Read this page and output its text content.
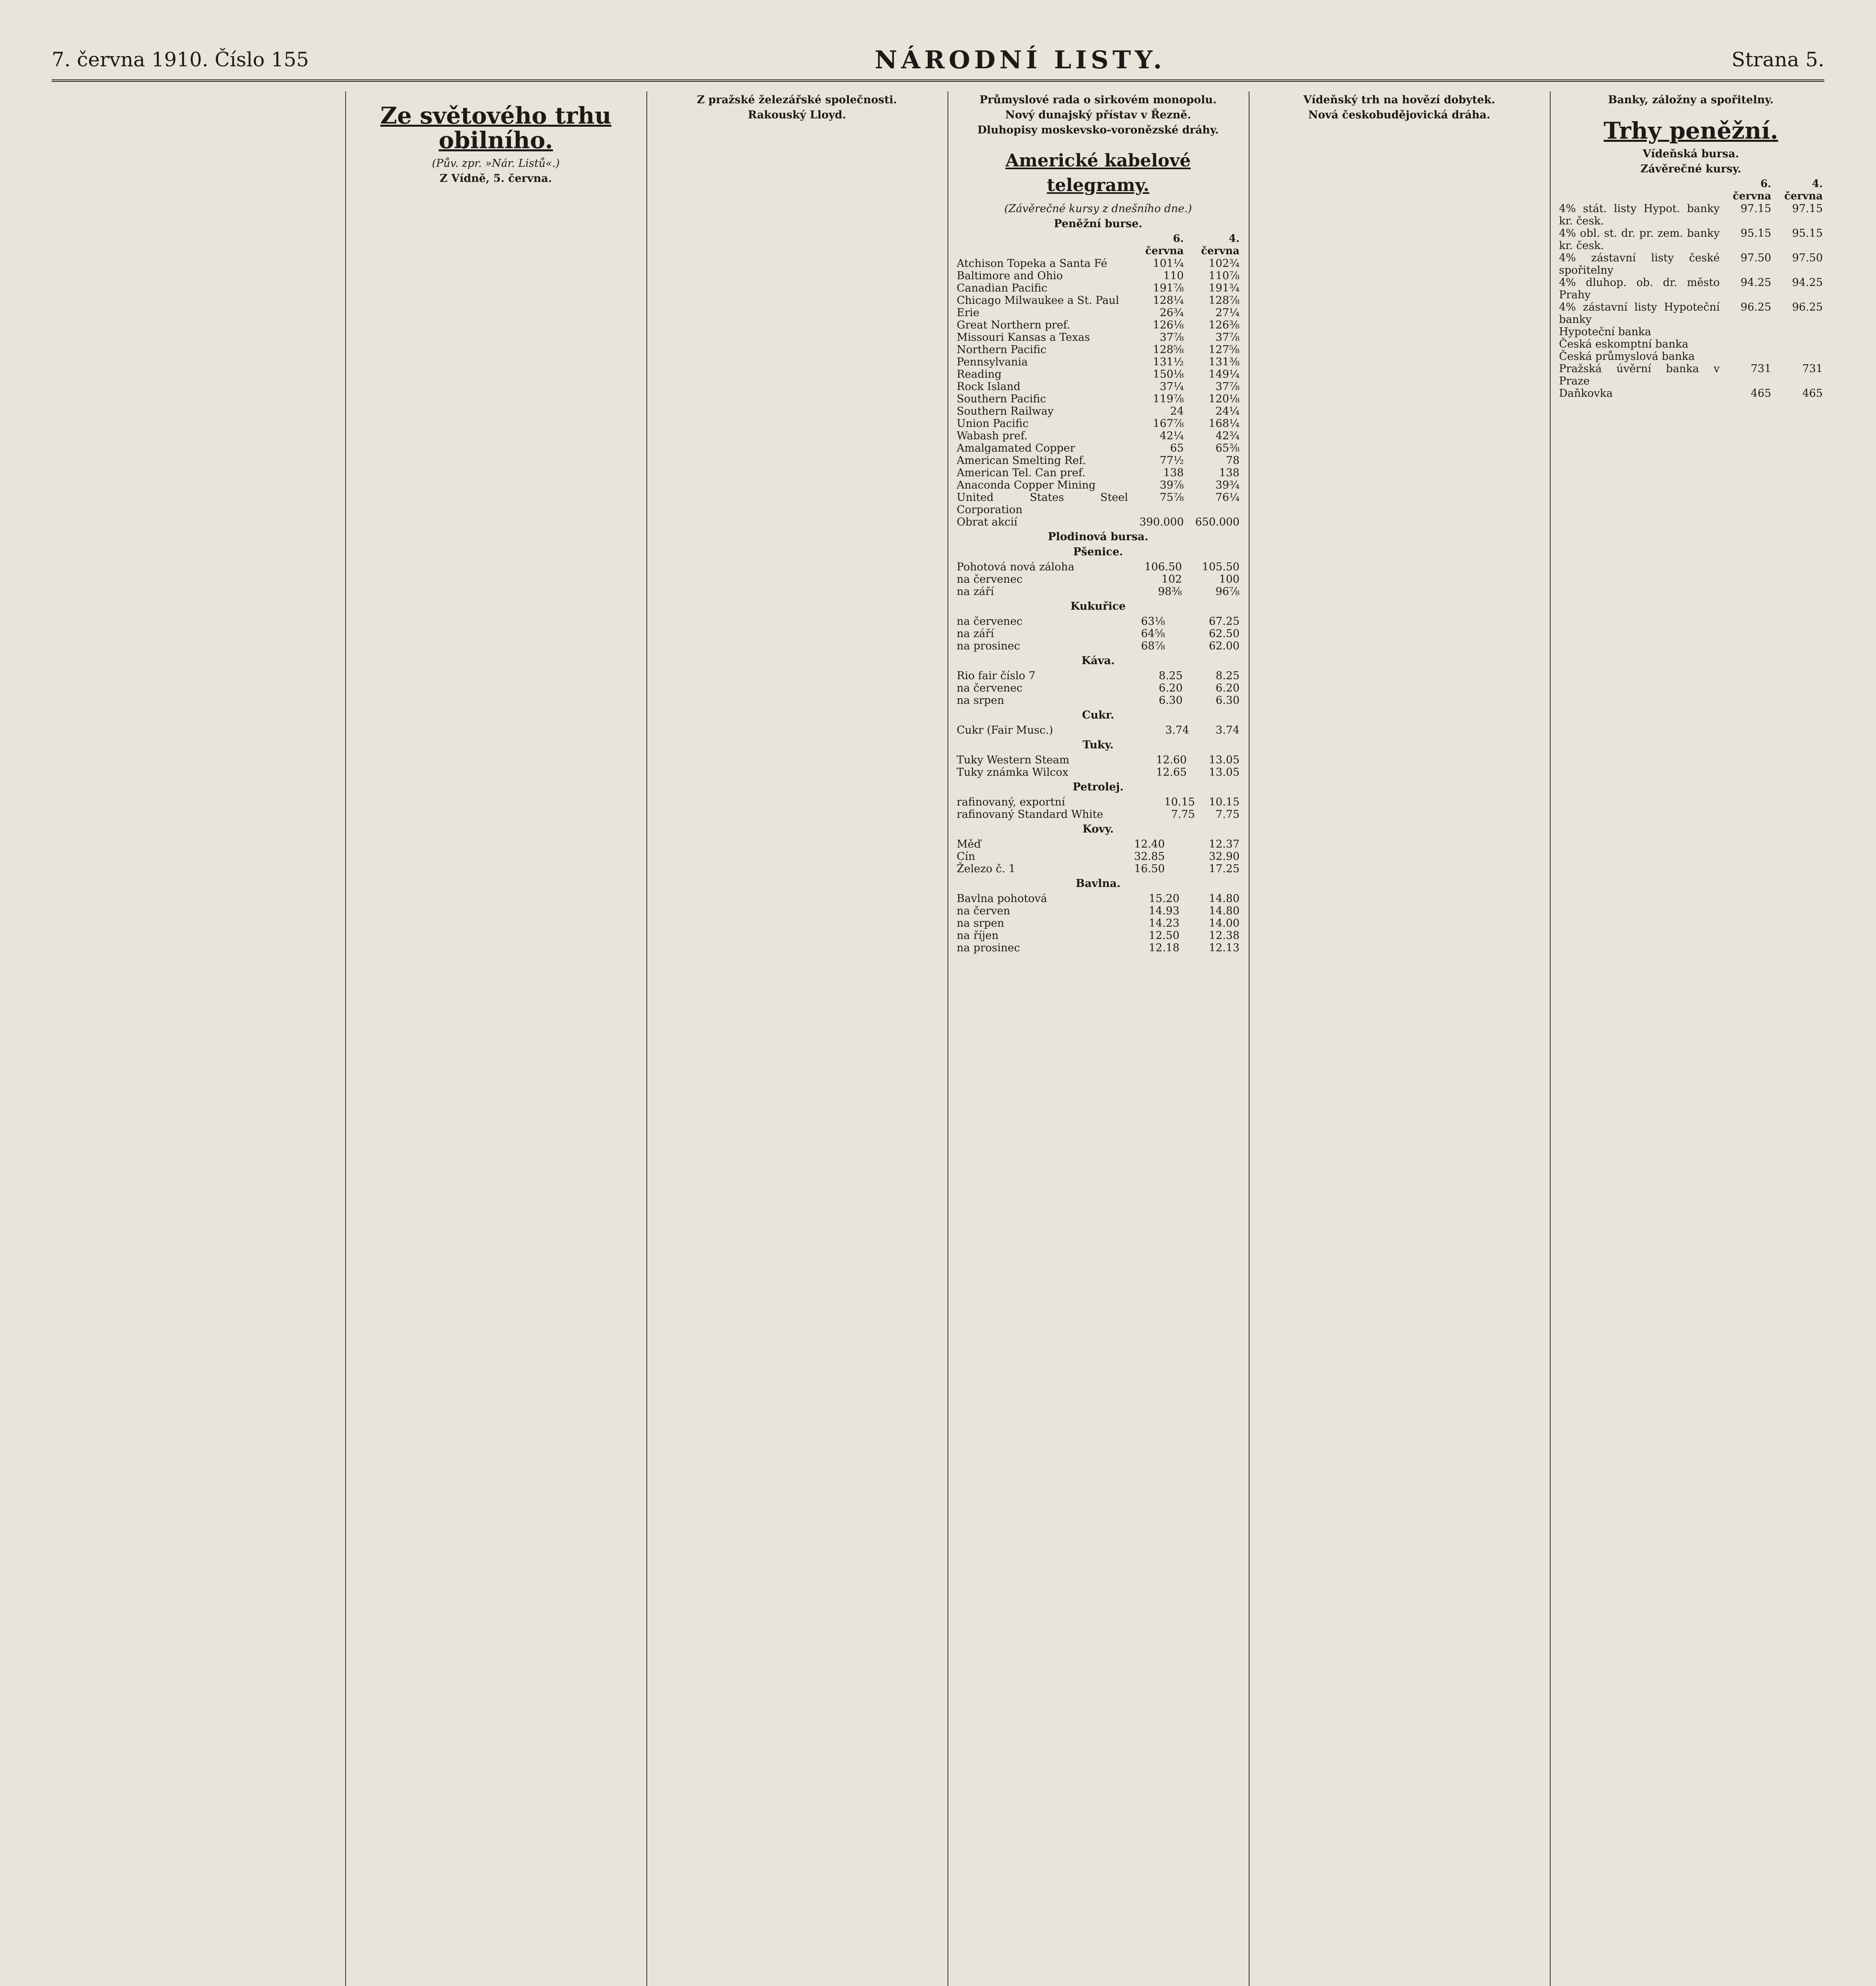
7. června 1910. Číslo 155	NÁRODNÍ LISTY.	Strana 5.
Ze světového trhu obilního.
(Pův. zpr. »Nár. Listů«.)
Z Vídně, 5. června.
Z pražské železářské společnosti.
Rakouský Lloyd.
Průmyslové rada o sirkovém monopolu.
Nový dunajský přístav v Řezně.
Dluhopisy moskevsko-voronězské dráhy.
Americké kabelové telegramy.
(Závěrečné kursy z dnešního dne.)
Peněžní burse.
	6. června	4. června
Atchison Topeka a Santa Fé	101¼	102¾
Baltimore and Ohio	110	110⅞
Canadian Pacific	191⅞	191¾
Chicago Milwaukee a St. Paul	128¼	128⅞
Erie	26¾	27¼
Great Northern pref.	126⅛	126⅜
Missouri Kansas a Texas	37⅞	37⅞
Northern Pacific	128⅝	127⅝
Pennsylvania	131½	131⅜
Reading	150⅛	149¼
Rock Island	37¼	37⅞
Southern Pacific	119⅞	120⅛
Southern Railway	24	24¼
Union Pacific	167⅞	168¼
Wabash pref.	42¼	42¾
Amalgamated Copper	65	65⅜
American Smelting Ref.	77½	78
American Tel. Can pref.	138	138
Anaconda Copper Mining	39⅞	39¾
United States Steel Corporation	75⅞	76¼
Obrat akcií	390.000	650.000
Plodinová bursa.
Pšenice.
Pohotová nová záloha	106.50	105.50
na červenec	102	100
na září	98⅜	96⅞
Kukuřice
na červenec	63⅛	67.25
na září	64⅝	62.50
na prosinec	68⅞	62.00
Káva.
Rio fair číslo 7	8.25	8.25
na červenec	6.20	6.20
na srpen	6.30	6.30
Cukr.
Cukr (Fair Musc.)	3.74	3.74
Tuky.
Tuky Western Steam	12.60	13.05
Tuky známka Wilcox	12.65	13.05
Petrolej.
rafinovaný, exportní	10.15	10.15
rafinovaný Standard White	7.75	7.75
Kovy.
Měď	12.40	12.37
Cín	32.85	32.90
Železo č. 1	16.50	17.25
Bavlna.
Bavlna pohotová	15.20	14.80
na červen	14.93	14.80
na srpen	14.23	14.00
na říjen	12.50	12.38
na prosinec	12.18	12.13
Vídeňský trh na hovězí dobytek.
Nová českobudějovická dráha.
Banky, záložny a spořitelny.
Trhy peněžní.
Vídeňská bursa.
Závěrečné kursy.
	6. června	4. června
4% stát. listy Hypot. banky kr. česk.	97.15	97.15
4% obl. st. dr. pr. zem. banky kr. česk.	95.15	95.15
4% zástavní listy české spořitelny	97.50	97.50
4% dluhop. ob. dr. město Prahy	94.25	94.25
4% zástavní listy Hypoteční banky	96.25	96.25
Hypoteční banka		
Česká eskomptní banka		
Česká průmyslová banka		
Pražská úvěrní banka v Praze	731	731
Daňkovka	465	465
